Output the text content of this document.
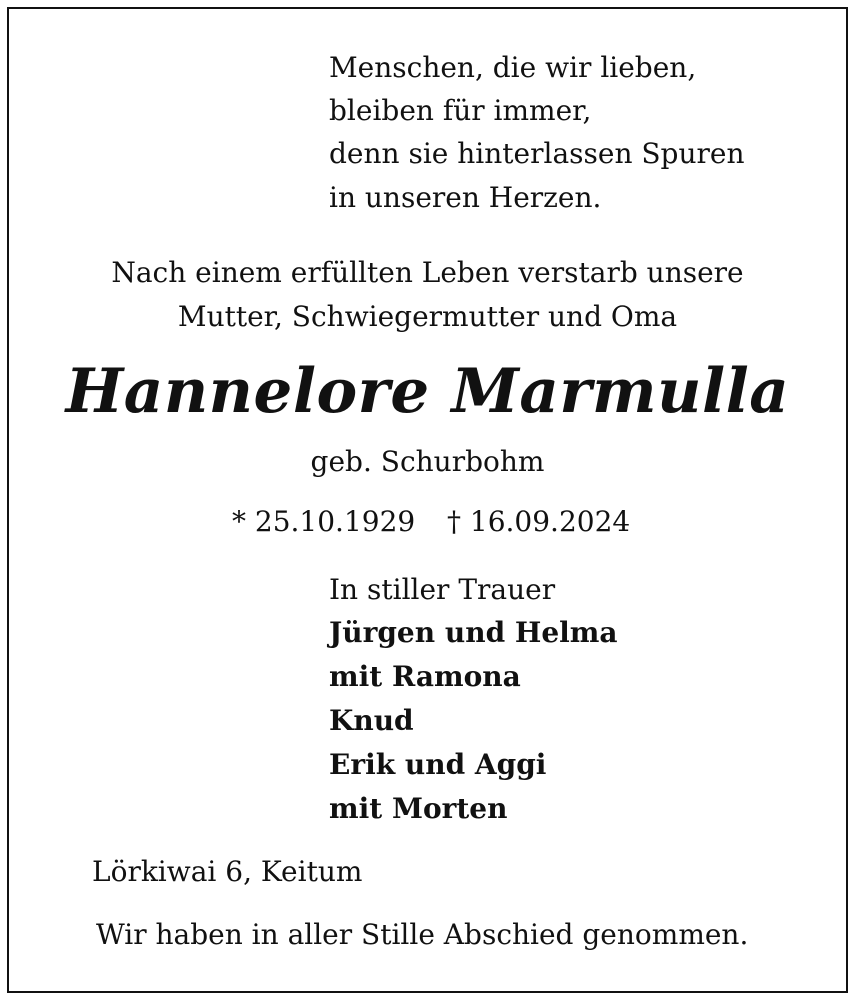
Menschen, die wir lieben,

bleiben für immer,

denn sie hinterlassen Spuren

in unseren Herzen.

Nach einem erfüllten Leben verstarb unsere

Mutter, Schwiegermutter und Oma

Hannelore Marmulla

geb. Schurbohm

* 25.10.1929 † 16.09.2024

In stiller Trauer

Jürgen und Helma

mit Ramona

Knud

Erik und Aggi

mit Morten

Lörkiwai 6, Keitum

Wir haben in aller Stille Abschied genommen.
